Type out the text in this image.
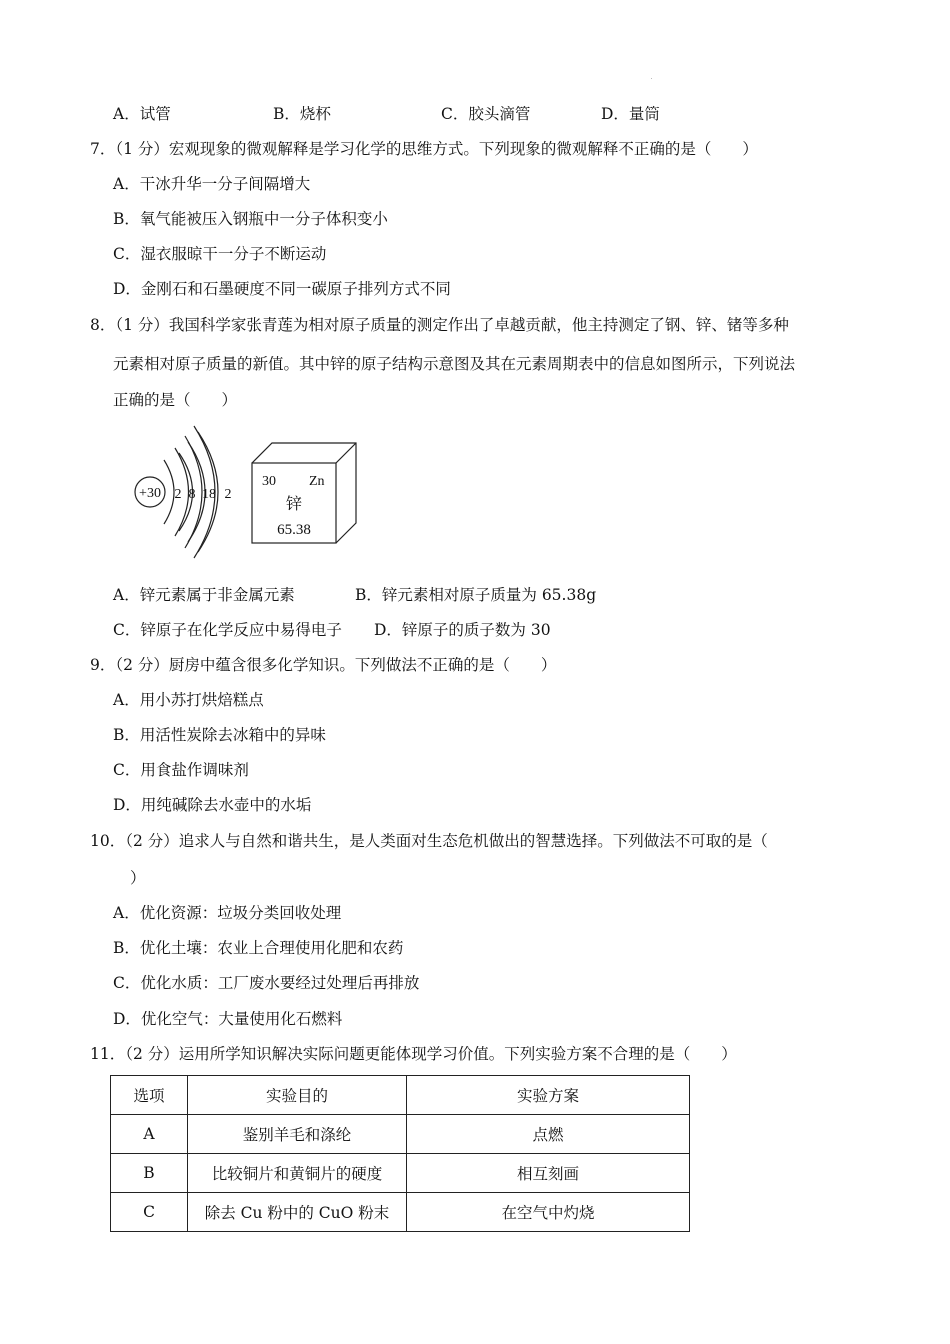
A．试管	B．烧杯	C．胶头滴管	D．量筒
7．（1 分）宏观现象的微观解释是学习化学的思维方式。下列现象的微观解释不正确的是（　　）
A．干冰升华一分子间隔增大
B．氧气能被压入钢瓶中一分子体积变小
C．湿衣服晾干一分子不断运动
D．金刚石和石墨硬度不同一碳原子排列方式不同
8．（1 分）我国科学家张青莲为相对原子质量的测定作出了卓越贡献，他主持测定了钢、锌、锗等多种
元素相对原子质量的新值。其中锌的原子结构示意图及其在元素周期表中的信息如图所示，下列说法
正确的是（　　）
+30 2 8 18 2
30 Zn
锌
65.38
A．锌元素属于非金属元素	B．锌元素相对原子质量为 65.38g
C．锌原子在化学反应中易得电子 D．锌原子的质子数为 30
9．（2 分）厨房中蕴含很多化学知识。下列做法不正确的是（　　）
A．用小苏打烘焙糕点
B．用活性炭除去冰箱中的异味
C．用食盐作调味剂
D．用纯碱除去水壶中的水垢
10．（2 分）追求人与自然和谐共生，是人类面对生态危机做出的智慧选择。下列做法不可取的是（
）
A．优化资源：垃圾分类回收处理
B．优化土壤：农业上合理使用化肥和农药
C．优化水质：工厂废水要经过处理后再排放
D．优化空气：大量使用化石燃料
11．（2 分）运用所学知识解决实际问题更能体现学习价值。下列实验方案不合理的是（　　）
选项	实验目的	实验方案
A	鉴别羊毛和涤纶	点燃
B	比较铜片和黄铜片的硬度	相互刻画
C	除去 Cu 粉中的 CuO 粉末	在空气中灼烧
